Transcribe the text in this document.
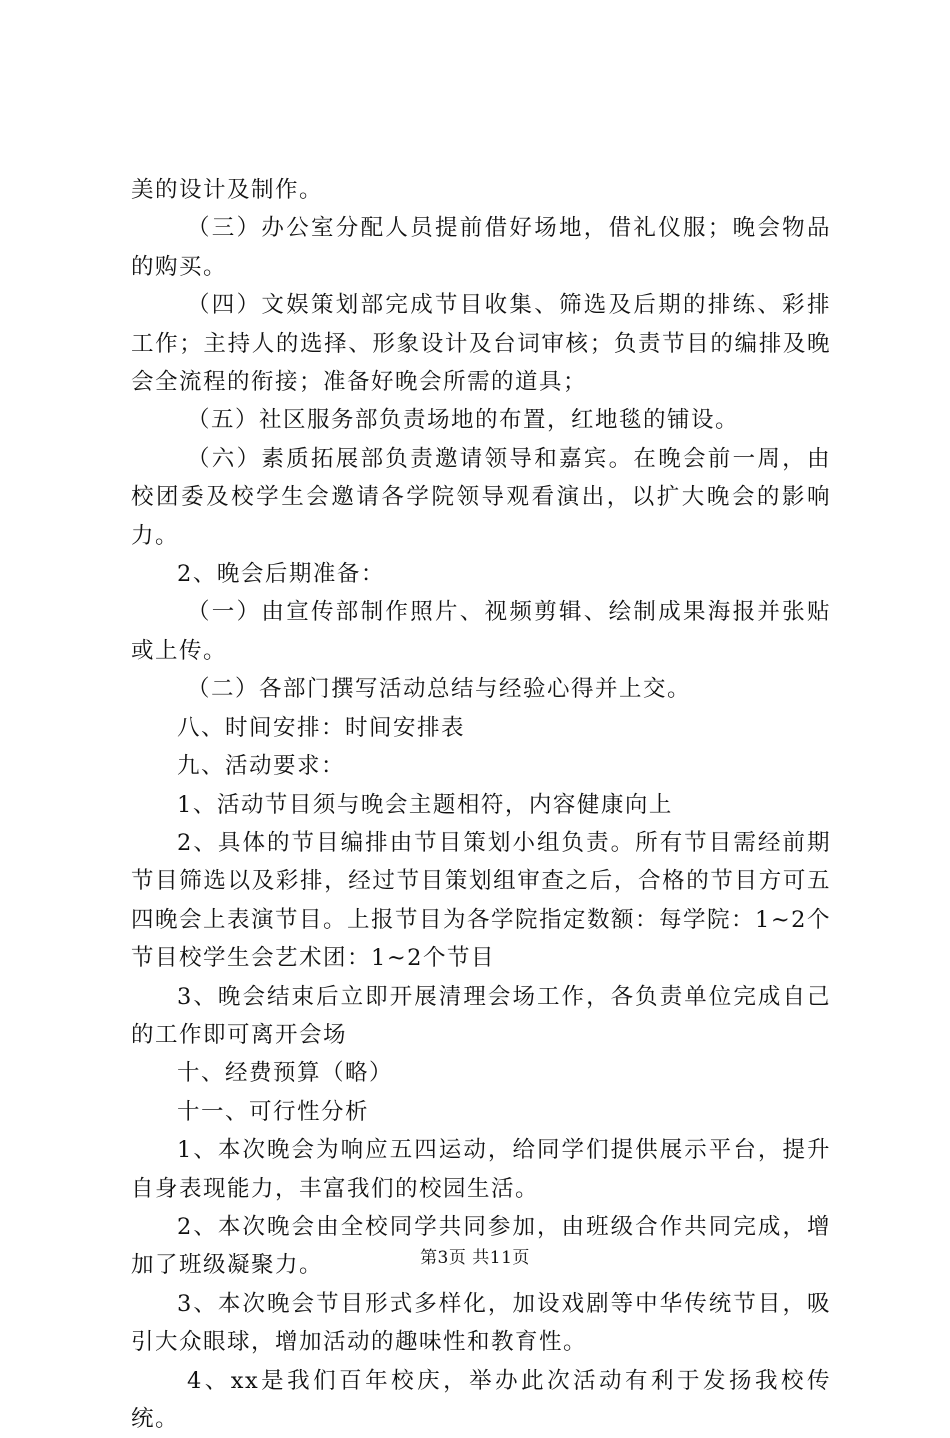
美的设计及制作。

（三）办公室分配人员提前借好场地，借礼仪服；晚会物品的购买。

（四）文娱策划部完成节目收集、筛选及后期的排练、彩排工作；主持人的选择、形象设计及台词审核；负责节目的编排及晚会全流程的衔接；准备好晚会所需的道具；

（五）社区服务部负责场地的布置，红地毯的铺设。

（六）素质拓展部负责邀请领导和嘉宾。在晚会前一周，由校团委及校学生会邀请各学院领导观看演出，以扩大晚会的影响力。

2、晚会后期准备：

（一）由宣传部制作照片、视频剪辑、绘制成果海报并张贴或上传。

（二）各部门撰写活动总结与经验心得并上交。

八、时间安排：时间安排表

九、活动要求：

1、活动节目须与晚会主题相符，内容健康向上

2、具体的节目编排由节目策划小组负责。所有节目需经前期节目筛选以及彩排，经过节目策划组审查之后，合格的节目方可五四晚会上表演节目。上报节目为各学院指定数额：每学院：1~2个节目校学生会艺术团：1~2个节目

3、晚会结束后立即开展清理会场工作，各负责单位完成自己的工作即可离开会场

十、经费预算（略）

十一、可行性分析

1、本次晚会为响应五四运动，给同学们提供展示平台，提升自身表现能力，丰富我们的校园生活。

2、本次晚会由全校同学共同参加，由班级合作共同完成，增加了班级凝聚力。

3、本次晚会节目形式多样化，加设戏剧等中华传统节目，吸引大众眼球，增加活动的趣味性和教育性。

4、xx是我们百年校庆，举办此次活动有利于发扬我校传统。

第3页 共11页
